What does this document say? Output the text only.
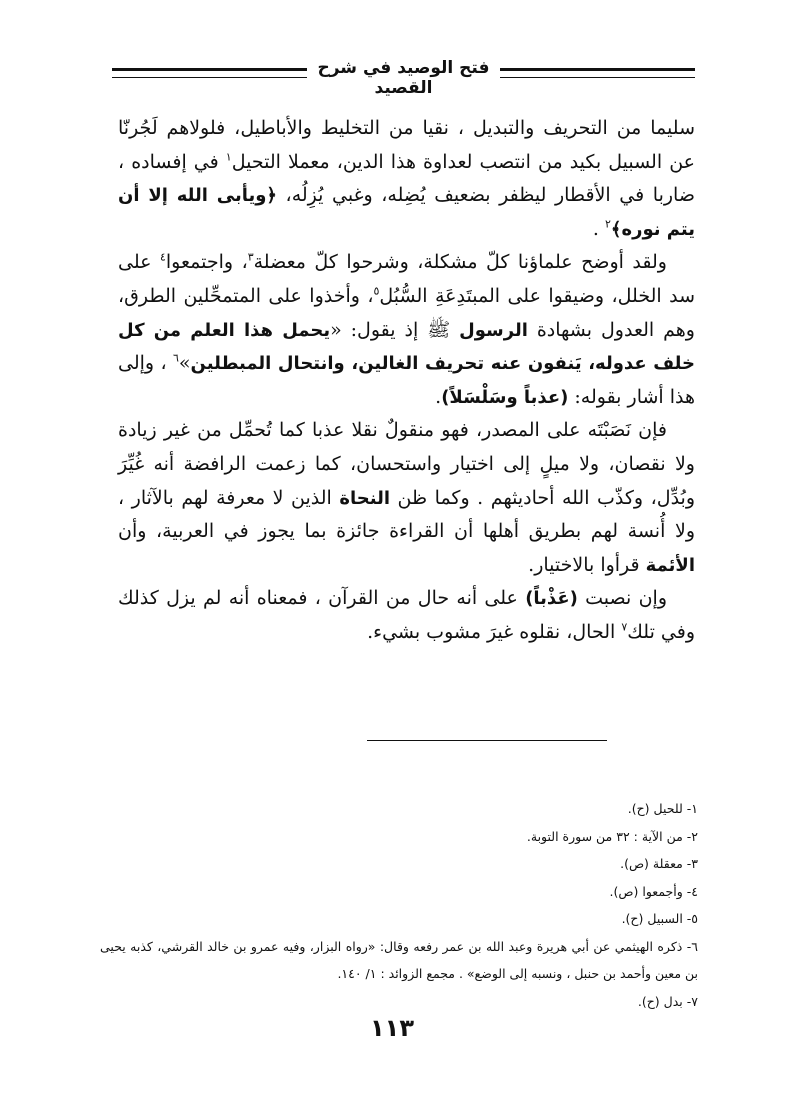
فتح الوصيد في شرح القصيد

سليما من التحريف والتبديل ، نقيا من التخليط والأباطيل، فلولاهم لَجُرنّا عن السبيل بكيد من انتصب لعداوة هذا الدين، معملا التحيل$^١$ في إفساده ، ضاربا في الأقطار ليظفر بضعيف يُضِله، وغبي يُزِلُه، ﴿ويأبى الله إلا أن يتم نوره﴾$^٢$ .

ولقد أوضح علماؤنا كلّ مشكلة، وشرحوا كلّ معضلة$^٣$، واجتمعوا$^٤$ على سد الخلل، وضيقوا على المبتَدِعَةِ السُّبُل$^٥$، وأخذوا على المتمحِّلين الطرق، وهم العدول بشهادة الرسول ﷺ إذ يقول: «يحمل هذا العلم من كل خلف عدوله، يَنفون عنه تحريف الغالين، وانتحال المبطلين»$^٦$ ، وإلى هذا أشار بقوله: (عذباً وسَلْسَلاً).

فإن نَصَبْتَه على المصدر، فهو منقولٌ نقلا عذبا كما تُحمِّل من غير زيادة ولا نقصان، ولا ميلٍ إلى اختيار واستحسان، كما زعمت الرافضة أنه غُيِّرَ وبُدِّل، وكذّب الله أحاديثهم . وكما ظن النحاة الذين لا معرفة لهم بالآثار ، ولا أُنسة لهم بطريق أهلها أن القراءة جائزة بما يجوز في العربية، وأن الأئمة قرأوا بالاختيار.

وإن نصبت (عَذْباً) على أنه حال من القرآن ، فمعناه أنه لم يزل كذلك وفي تلك$^٧$ الحال، نقلوه غيرَ مشوب بشيء.

١- للحيل (ح).

٢- من الآية : ٣٢ من سورة التوبة.

٣- معقلة (ص).

٤- وأجمعوا (ص).

٥- السبيل (ح).

٦- ذكره الهيثمي عن أبي هريرة وعبد الله بن عمر رفعه وقال: «رواه البزار، وفيه عمرو بن خالد القرشي، كذبه يحيى بن معين وأحمد بن حنبل ، ونسبه إلى الوضع» . مجمع الزوائد : ١/ ١٤٠.

٧- بدل (ح).

١١٣
